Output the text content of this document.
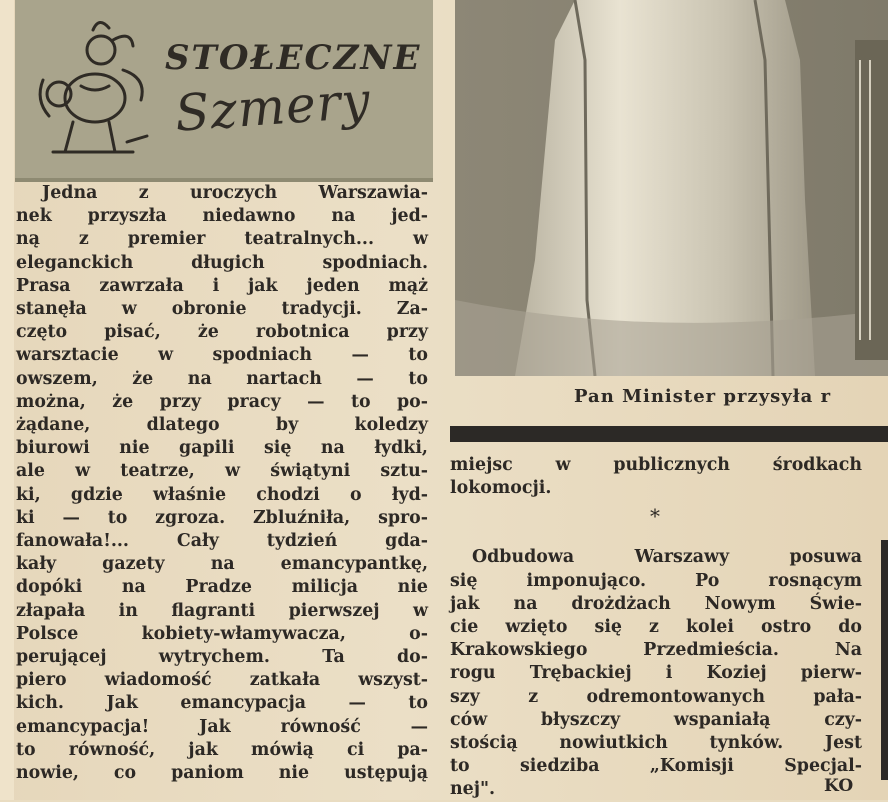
STOŁECZNE
Szmery
Jedna z uroczych Warszawia-
nek przyszła niedawno na jed-
ną z premier teatralnych... w
eleganckich długich spodniach.
Prasa zawrzała i jak jeden mąż
stanęła w obronie tradycji. Za-
częto pisać, że robotnica przy
warsztacie w spodniach — to
owszem, że na nartach — to
można, że przy pracy — to po-
żądane, dlatego by koledzy
biurowi nie gapili się na łydki,
ale w teatrze, w świątyni sztu-
ki, gdzie właśnie chodzi o łyd-
ki — to zgroza. Zbluźniła, spro-
fanowała!... Cały tydzień gda-
kały gazety na emancypantkę,
dopóki na Pradze milicja nie
złapała in flagranti pierwszej w
Polsce kobiety-włamywacza, o-
perującej wytrychem. Ta do-
piero wiadomość zatkała wszyst-
kich. Jak emancypacja — to
emancypacja! Jak równość —
to równość, jak mówią ci pa-
nowie, co paniom nie ustępują
Pan Minister przysyła r
miejsc w publicznych środkach
lokomocji.
Odbudowa Warszawy posuwa
się imponująco. Po rosnącym
jak na drożdżach Nowym Świe-
cie wzięto się z kolei ostro do
Krakowskiego Przedmieścia. Na
rogu Trębackiej i Koziej pierw-
szy z odremontowanych pała-
ców błyszczy wspaniałą czy-
stością nowiutkich tynków. Jest
to siedziba „Komisji Specjal-
nej".
*
KO
